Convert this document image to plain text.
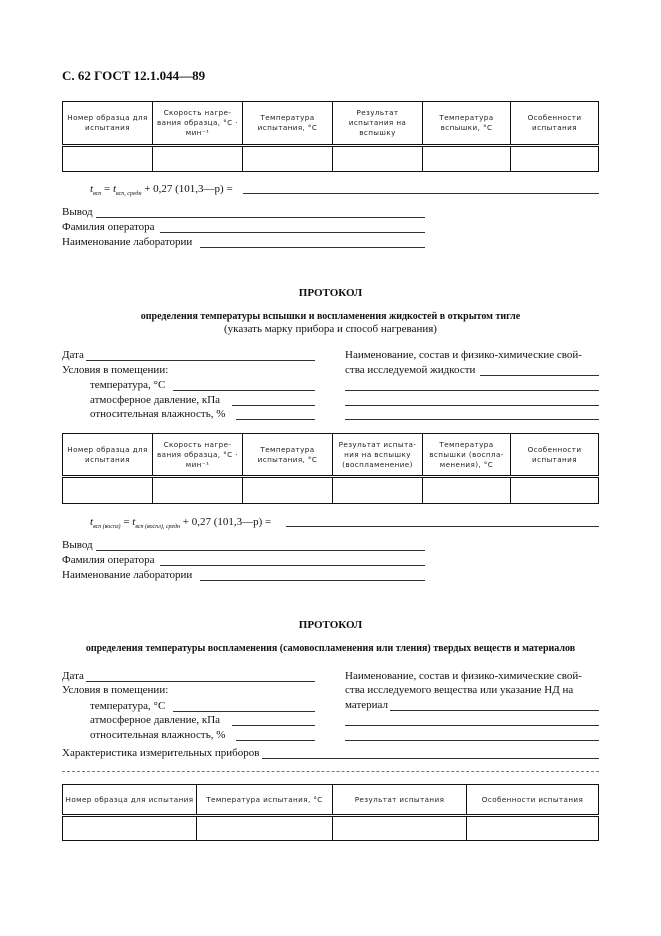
С. 62 ГОСТ 12.1.044—89
Номер образца для испытания	Скорость нагре-вания образца, °С · мин⁻¹	Температура испытания, °С	Результат испытания на вспышку	Температура вспышки, °С	Особенности испытания

$t_{всп} = t_{всп, средн} + 0,27$ (101,3—p) =
Вывод
Фамилия оператора
Наименование лаборатории
ПРОТОКОЛ
определения температуры вспышки и воспламенения жидкостей в открытом тигле
(указать марку прибора и способ нагревания)
Дата
Условия в помещении:
температура, °С
атмосферное давление, кПа
относительная влажность, %
Наименование, состав и физико-химические свой-
ства исследуемой жидкости
Номер образца для испытания	Скорость нагре-вания образца, °С · мин⁻¹	Температура испытания, °С	Результат испыта-ния на вспышку (воспламенение)	Температура вспышки (воспла-менения), °С	Особенности испытания

$t_{всп (воспл)} = t_{всп (воспл), средн} + 0,27$ (101,3—p) =
Вывод
Фамилия оператора
Наименование лаборатории
ПРОТОКОЛ
определения температуры воспламенения (самовоспламенения или тления) твердых веществ и материалов
Дата
Условия в помещении:
температура, °С
атмосферное давление, кПа
относительная влажность, %
Наименование, состав и физико-химические свой-
ства исследуемого вещества или указание НД на
материал
Характеристика измерительных приборов
Номер образца для испытания	Температура испытания, °С	Результат испытания	Особенности испытания
